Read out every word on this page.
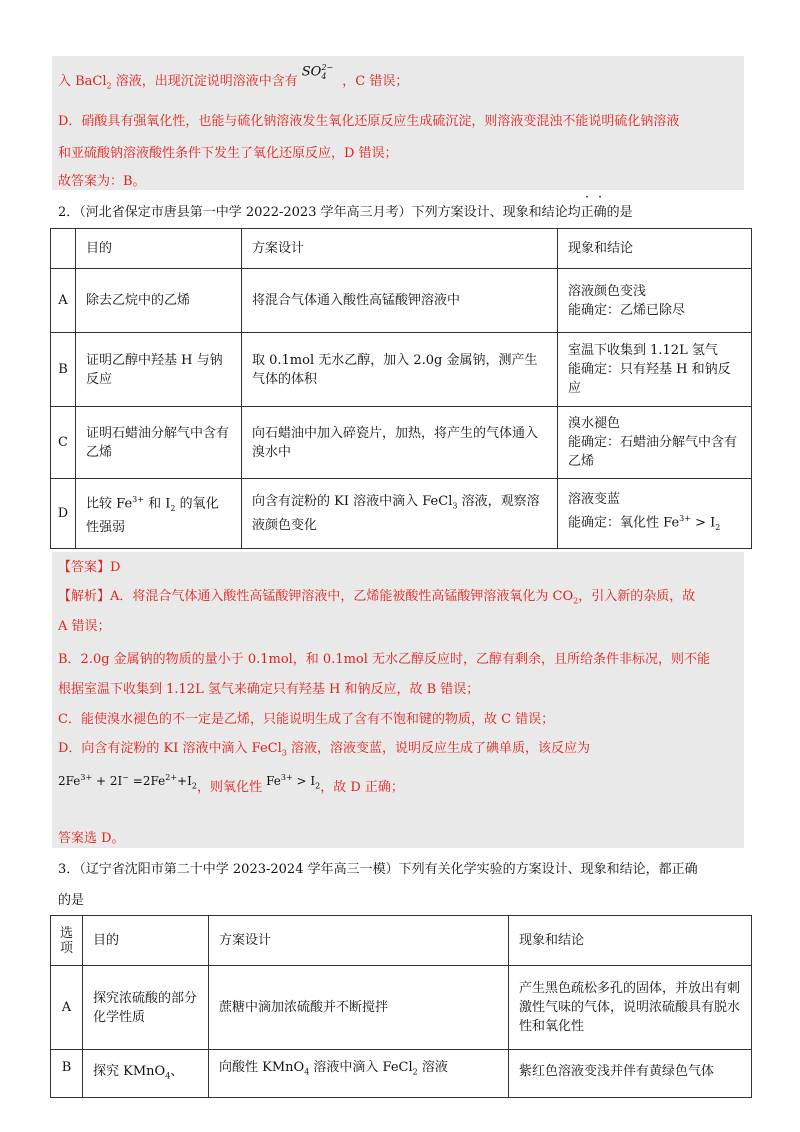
入 BaCl$_2$ 溶液，出现沉淀说明溶液中含有$SO_4^{2-}$，C 错误；
D．硝酸具有强氧化性，也能与硫化钠溶液发生氧化还原反应生成硫沉淀，则溶液变混浊不能说明硫化钠溶液
和亚硫酸钠溶液酸性条件下发生了氧化还原反应，D 错误；
故答案为：B。
2．（河北省保定市唐县第一中学 2022-2023 学年高三月考）下列方案设计、现象和结论均正确的是
	目的	方案设计	现象和结论
A	除去乙烷中的乙烯	将混合气体通入酸性高锰酸钾溶液中	溶液颜色变浅
能确定：乙烯已除尽

B	证明乙醇中羟基 H 与钠反应	取 0.1mol 无水乙醇，加入 2.0g 金属钠，测产生气体的体积	室温下收集到 1.12L 氢气
能确定：只有羟基 H 和钠反应

C	证明石蜡油分解气中含有乙烯	向石蜡油中加入碎瓷片，加热，将产生的气体通入溴水中	溴水褪色
能确定：石蜡油分解气中含有乙烯

D	比较 $Fe^{3+}$ 和 $I_2$ 的氧化性强弱	向含有淀粉的 KI 溶液中滴入 FeCl$_3$ 溶液，观察溶液颜色变化	溶液变蓝
能确定：氧化性 $Fe^{3+} > I_2$
【答案】D
【解析】A．将混合气体通入酸性高锰酸钾溶液中，乙烯能被酸性高锰酸钾溶液氧化为 $CO_2$，引入新的杂质，故
A 错误；
B．2.0g 金属钠的物质的量小于 0.1mol，和 0.1mol 无水乙醇反应时，乙醇有剩余，且所给条件非标况，则不能
根据室温下收集到 1.12L 氢气来确定只有羟基 H 和钠反应，故 B 错误；
C．能使溴水褪色的不一定是乙烯，只能说明生成了含有不饱和键的物质，故 C 错误；
D．向含有淀粉的 KI 溶液中滴入 FeCl$_3$ 溶液，溶液变蓝，说明反应生成了碘单质，该反应为
$2Fe^{3+} + 2I^- =2Fe^{2+}+I_2$，则氧化性 $Fe^{3+} > I_2$，故 D 正确；
答案选 D。
3．（辽宁省沈阳市第二十中学 2023-2024 学年高三一模）下列有关化学实验的方案设计、现象和结论，都正确
的是
选项	目的	方案设计	现象和结论
A	探究浓硫酸的部分化学性质	蔗糖中滴加浓硫酸并不断搅拌	产生黑色疏松多孔的固体，并放出有刺激性气味的气体，说明浓硫酸具有脱水性和氧化性
B	探究 KMnO$_4$、	向酸性 KMnO$_4$ 溶液中滴入 FeCl$_2$ 溶液	紫红色溶液变浅并伴有黄绿色气体
